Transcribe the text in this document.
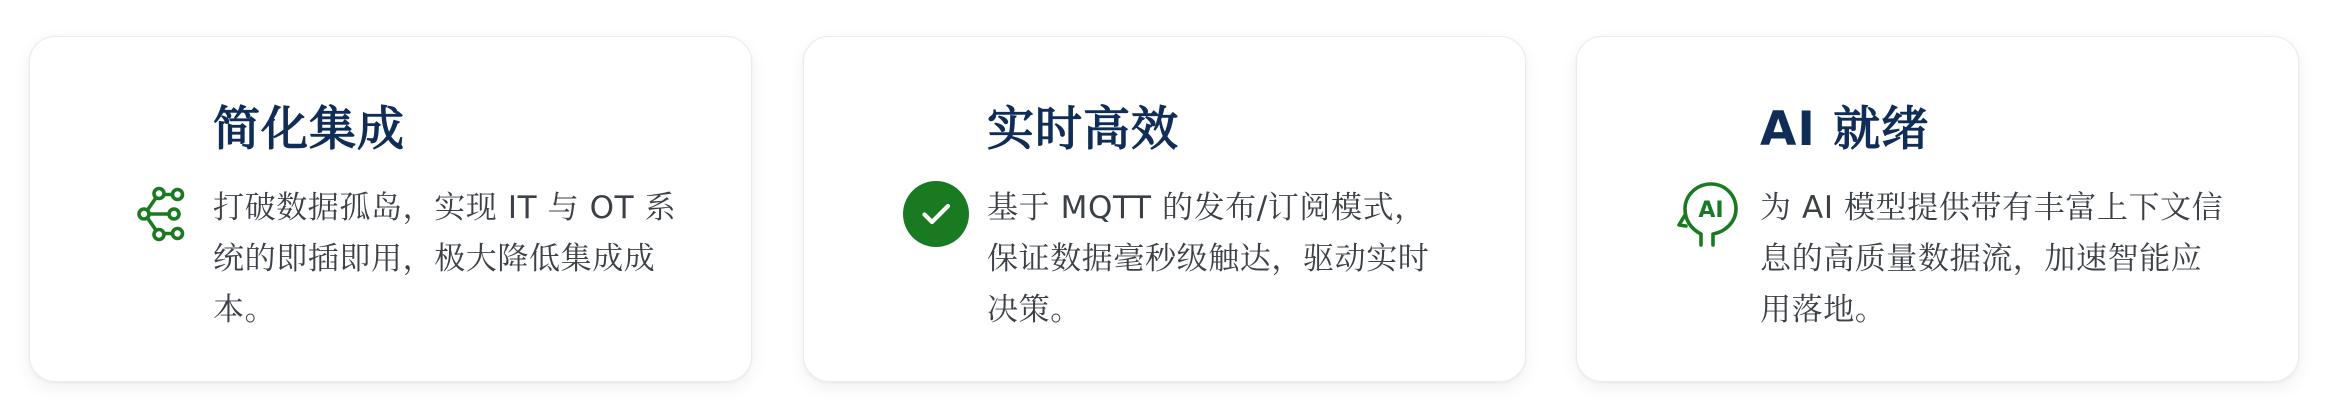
简化集成

打破数据孤岛，实现 IT 与 OT 系统的即插即用，极大降低集成成本。

实时高效

基于 MQTT 的发布/订阅模式，保证数据毫秒级触达，驱动实时决策。

AI
AI 就绪

为 AI 模型提供带有丰富上下文信息的高质量数据流，加速智能应用落地。
